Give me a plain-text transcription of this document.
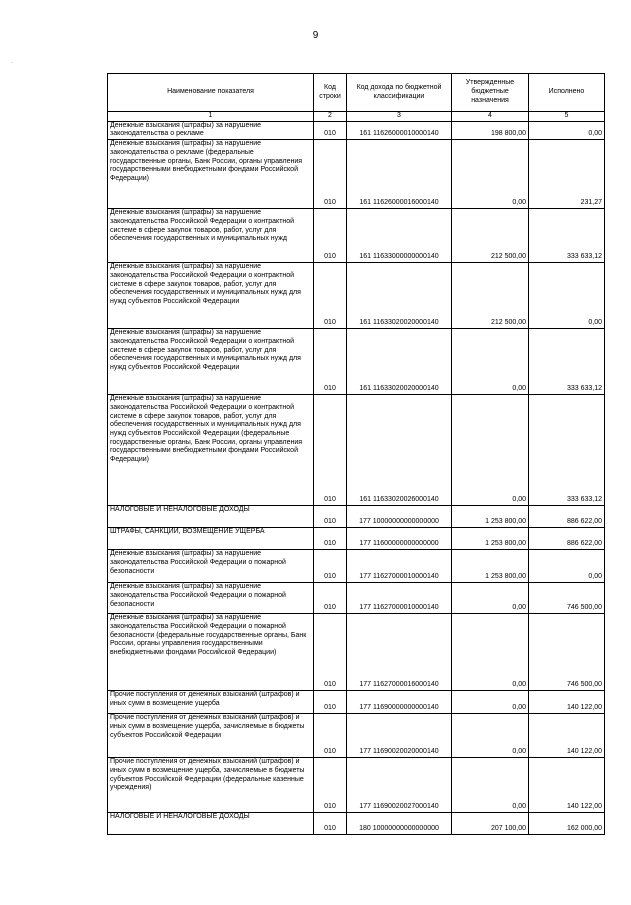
9
·
Наименование показателя	Код строки	Код дохода по бюджетной классификации	Утвержденные бюджетные назначения	Исполнено
1	2	3	4	5
Денежные взыскания (штрафы) за нарушение законодательства о рекламе	010	161 11626000010000140	198 800,00	0,00
Денежные взыскания (штрафы) за нарушение законодательства о рекламе (федеральные государственные органы, Банк России, органы управления государственными внебюджетными фондами Российской Федерации)	010	161 11626000016000140	0,00	231,27
Денежные взыскания (штрафы) за нарушение законодательства Российской Федерации о контрактной системе в сфере закупок товаров, работ, услуг для обеспечения государственных и муниципальных нужд	010	161 11633000000000140	212 500,00	333 633,12
Денежные взыскания (штрафы) за нарушение законодательства Российской Федерации о контрактной системе в сфере закупок товаров, работ, услуг для обеспечения государственных и муниципальных нужд для нужд субъектов Российской Федерации	010	161 11633020020000140	212 500,00	0,00
Денежные взыскания (штрафы) за нарушение законодательства Российской Федерации о контрактной системе в сфере закупок товаров, работ, услуг для обеспечения государственных и муниципальных нужд для нужд субъектов Российской Федерации	010	161 11633020020000140	0,00	333 633,12
Денежные взыскания (штрафы) за нарушение законодательства Российской Федерации о контрактной системе в сфере закупок товаров, работ, услуг для обеспечения государственных и муниципальных нужд для нужд субъектов Российской Федерации (федеральные государственные органы, Банк России, органы управления государственными внебюджетными фондами Российской Федерации)	010	161 11633020026000140	0,00	333 633,12
НАЛОГОВЫЕ И НЕНАЛОГОВЫЕ ДОХОДЫ	010	177 10000000000000000	1 253 800,00	886 622,00
ШТРАФЫ, САНКЦИИ, ВОЗМЕЩЕНИЕ УЩЕРБА	010	177 11600000000000000	1 253 800,00	886 622,00
Денежные взыскания (штрафы) за нарушение законодательства Российской Федерации о пожарной безопасности	010	177 11627000010000140	1 253 800,00	0,00
Денежные взыскания (штрафы) за нарушение законодательства Российской Федерации о пожарной безопасности	010	177 11627000010000140	0,00	746 500,00
Денежные взыскания (штрафы) за нарушение законодательства Российской Федерации о пожарной безопасности (федеральные государственные органы, Банк России, органы управления государственными внебюджетными фондами Российской Федерации)	010	177 11627000016000140	0,00	746 500,00
Прочие поступления от денежных взысканий (штрафов) и иных сумм в возмещение ущерба	010	177 11690000000000140	0,00	140 122,00
Прочие поступления от денежных взысканий (штрафов) и иных сумм в возмещение ущерба, зачисляемые в бюджеты субъектов Российской Федерации	010	177 11690020020000140	0,00	140 122,00
Прочие поступления от денежных взысканий (штрафов) и иных сумм в возмещение ущерба, зачисляемые в бюджеты субъектов Российской Федерации (федеральные казенные учреждения)	010	177 11690020027000140	0,00	140 122,00
НАЛОГОВЫЕ И НЕНАЛОГОВЫЕ ДОХОДЫ	010	180 10000000000000000	207 100,00	162 000,00
